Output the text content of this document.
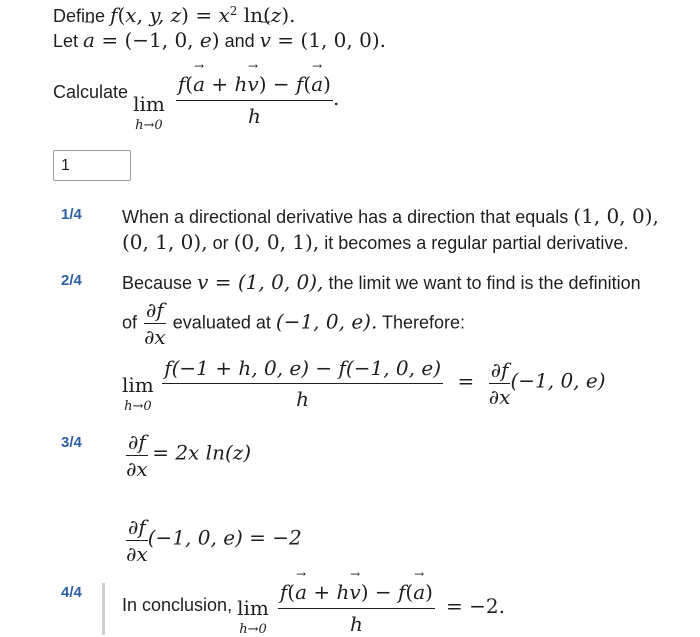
Define f(x, y, $z) = x^2$ ln(z).
Let → a = (−1, 0, e) and → v = (1, 0, 0).
Calculate lim
h→0
$\frac{f(\to a + h\to v) - f(\to a)}{h}$ .
1
1/4 When a directional derivative has a direction that equals (1, 0, 0),
(0, 1, 0), or (0, 0, 1), it becomes a regular partial derivative.
2/4 Because v = (1, 0, 0), the limit we want to find is the definition
of $\frac{\partial f}{\partial x}$ evaluated at (−1, 0, e). Therefore:
lim
h→0
$\frac{f(-1 + h, 0, e) - f(-1, 0, e)}{h} = \frac{\partial f}{\partial x} (-1$, 0, e)
$3/4 \frac{\partial f}{\partial x} = 2x$ ln(z)
$\frac{\partial f}{\partial x} (-1$, 0, e) = −2
4/4
In conclusion, lim
h→0
$\frac{f(\to a + h\to v) - f(\to a)}{h} = -2$.
